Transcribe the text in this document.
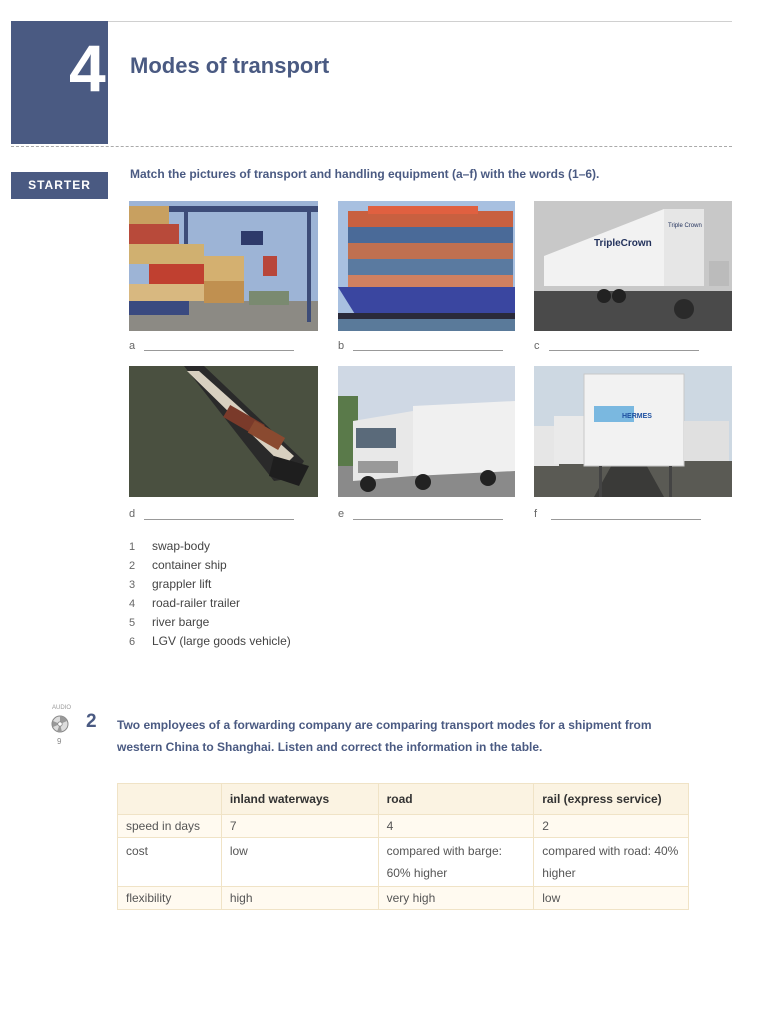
4 Modes of transport
STARTER
Match the pictures of transport and handling equipment (a–f) with the words (1–6).
TripleCrown
Triple Crown
a	b	c
HERMES
d	e	f
1 swap-body
2 container ship
3 grappler lift
4 road-railer trailer
5 river barge
6 LGV (large goods vehicle)
AUDIO
9
2 Two employees of a forwarding company are comparing transport modes for a shipment from western China to Shanghai. Listen and correct the information in the table.
	inland waterways	road	rail (express service)
speed in days	7	4	2
cost	low	compared with barge: 60% higher	compared with road: 40% higher
flexibility	high	very high	low
